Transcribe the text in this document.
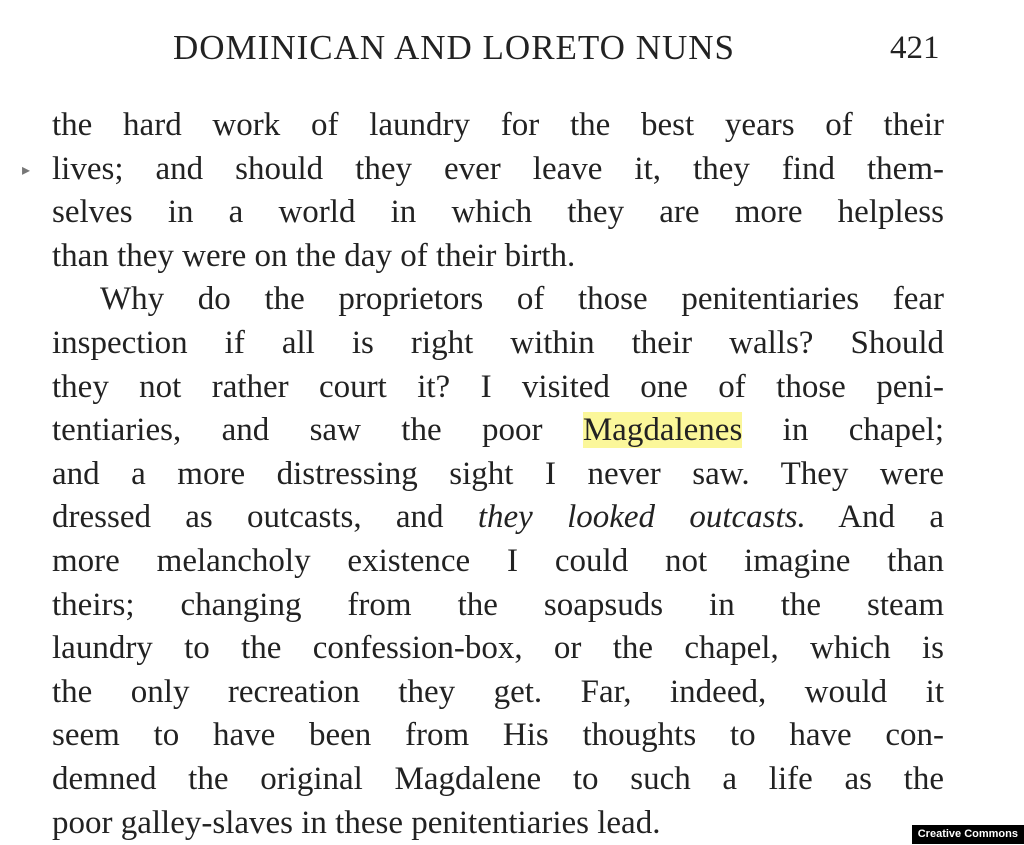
DOMINICAN AND LORETO NUNS	421
▸
the hard work of laundry for the best years of their
lives; and should they ever leave it, they find them-
selves in a world in which they are more helpless
than they were on the day of their birth.
Why do the proprietors of those penitentiaries fear
inspection if all is right within their walls? Should
they not rather court it? I visited one of those peni-
tentiaries, and saw the poor Magdalenes in chapel;
and a more distressing sight I never saw. They were
dressed as outcasts, and they looked outcasts. And a
more melancholy existence I could not imagine than
theirs; changing from the soapsuds in the steam
laundry to the confession-box, or the chapel, which is
the only recreation they get. Far, indeed, would it
seem to have been from His thoughts to have con-
demned the original Magdalene to such a life as the
poor galley-slaves in these penitentiaries lead.	Creative Commons
